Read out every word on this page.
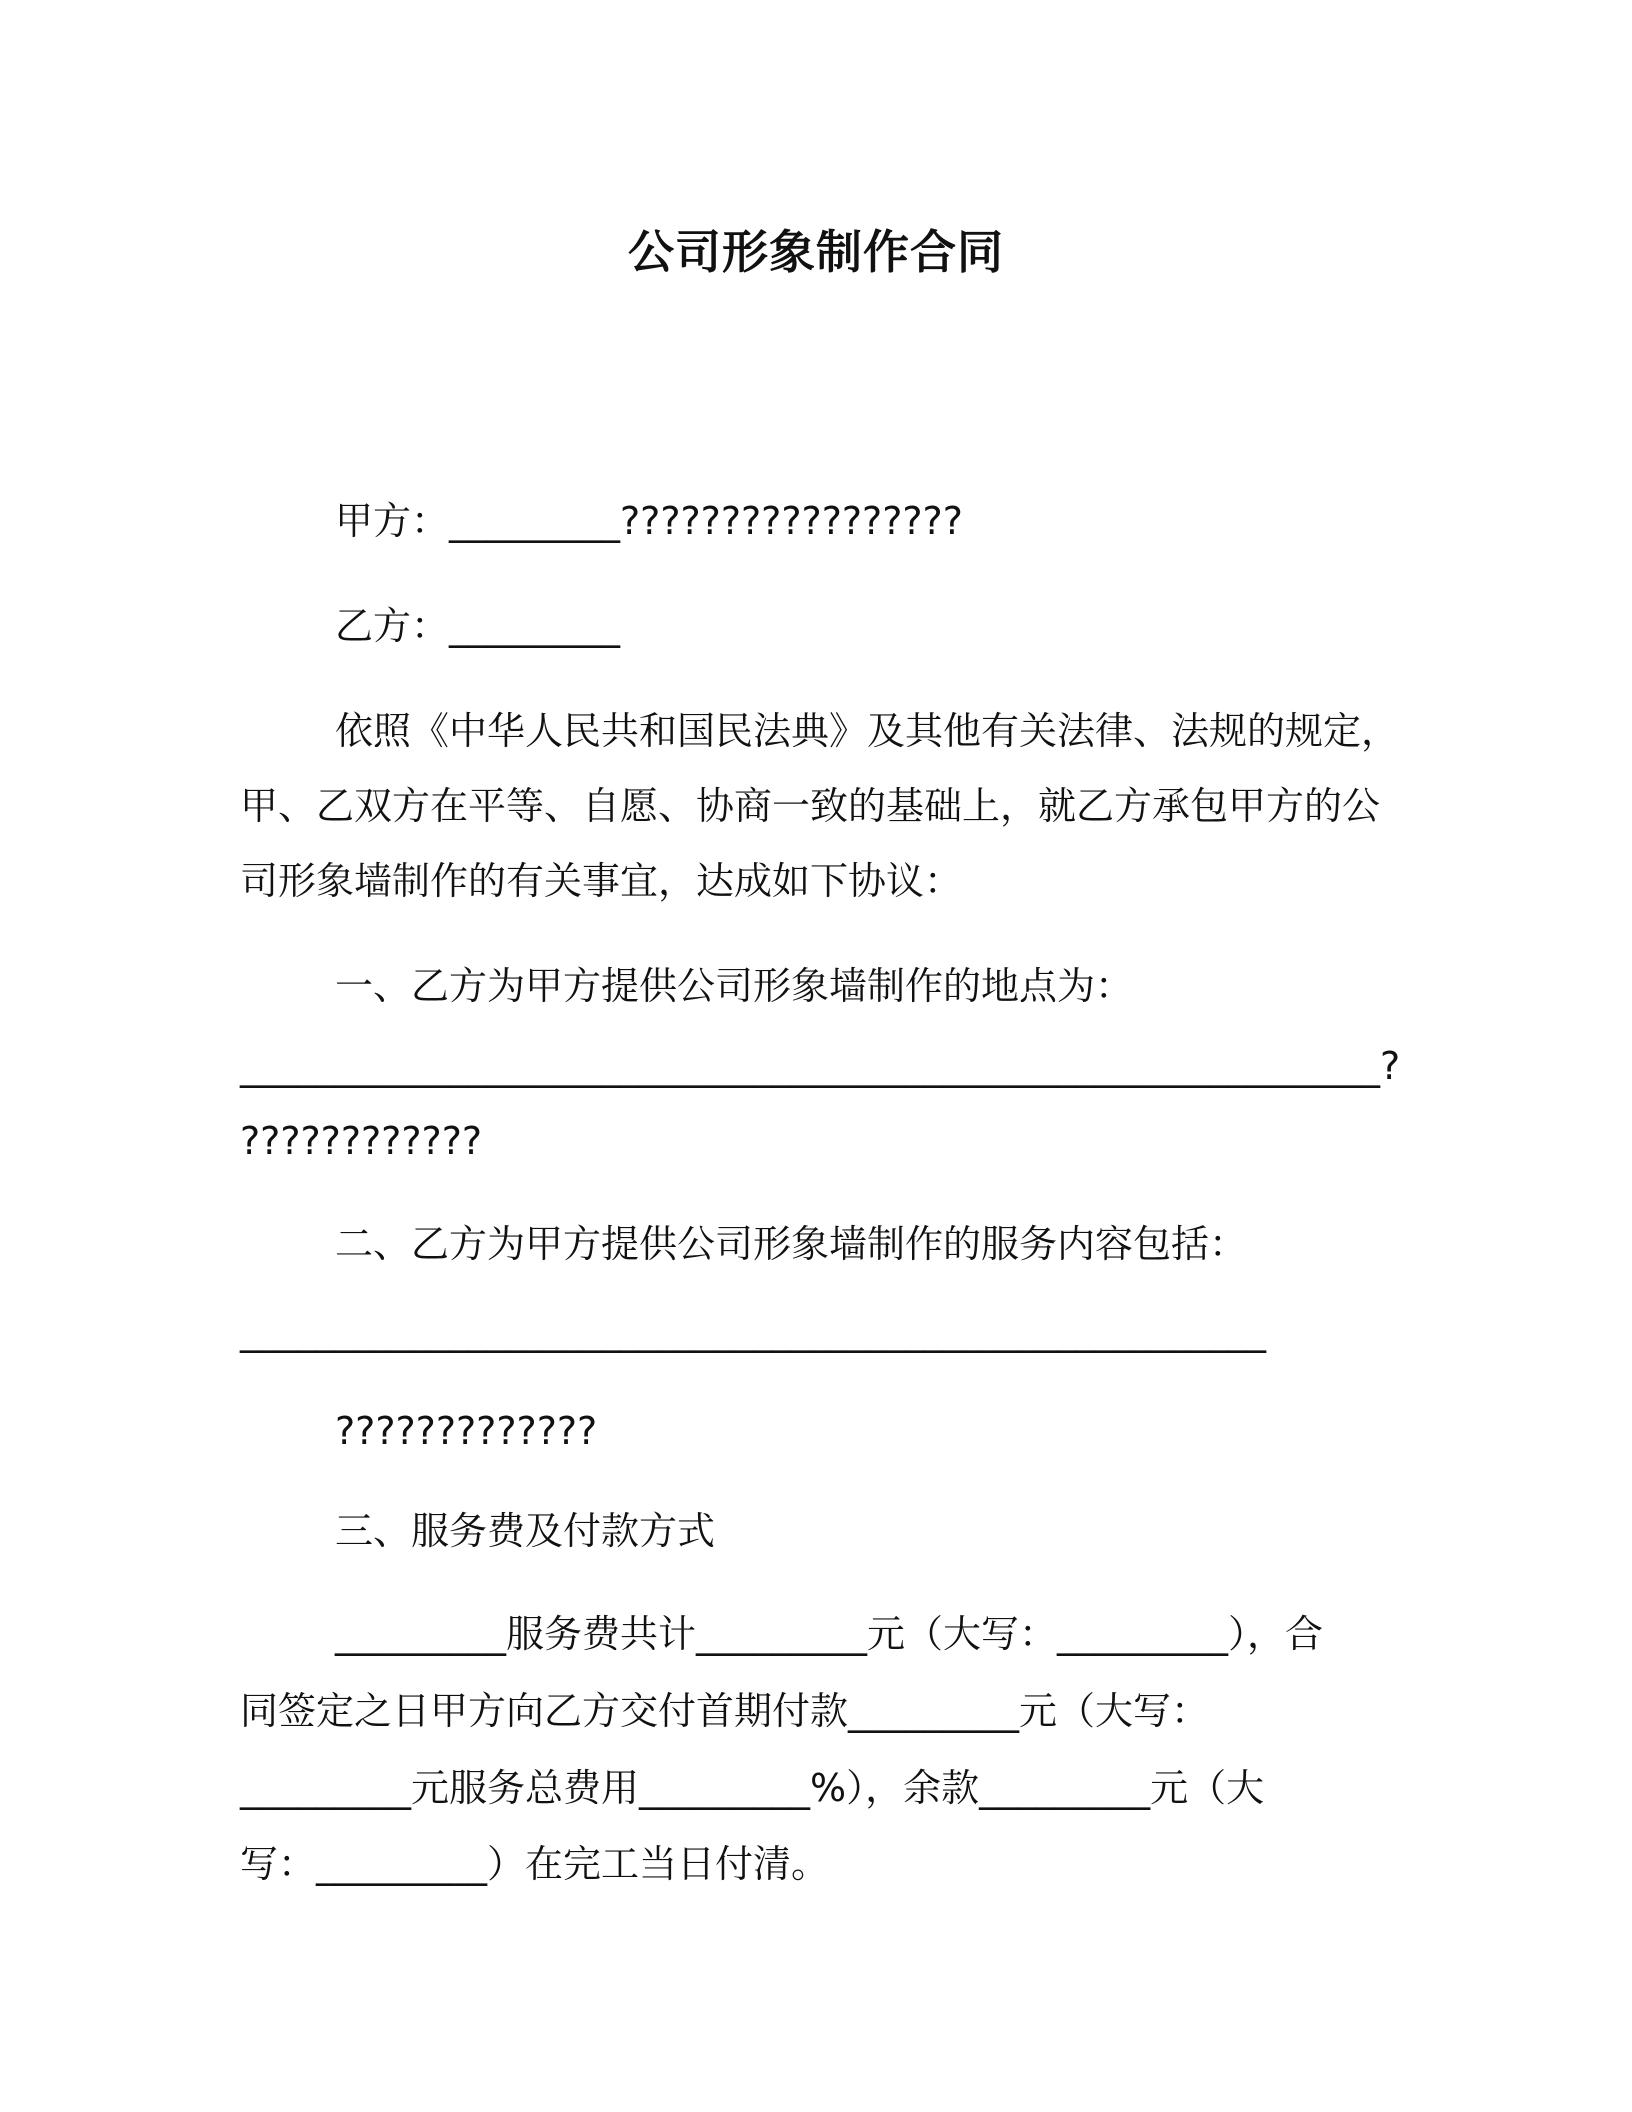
公司形象制作合同
甲方：_________?????????????????
乙方：_________
依照《中华人民共和国民法典》及其他有关法律、法规的规定，
甲、乙双方在平等、自愿、协商一致的基础上，就乙方承包甲方的公
司形象墙制作的有关事宜，达成如下协议：
一、乙方为甲方提供公司形象墙制作的地点为：
____________________________________________________________?
????????????
二、乙方为甲方提供公司形象墙制作的服务内容包括：
______________________________________________________
?????????????
三、服务费及付款方式
_________服务费共计_________元（大写：_________），合
同签定之日甲方向乙方交付首期付款_________元（大写：
_________元服务总费用_________%），余款_________元（大
写：_________）在完工当日付清。
